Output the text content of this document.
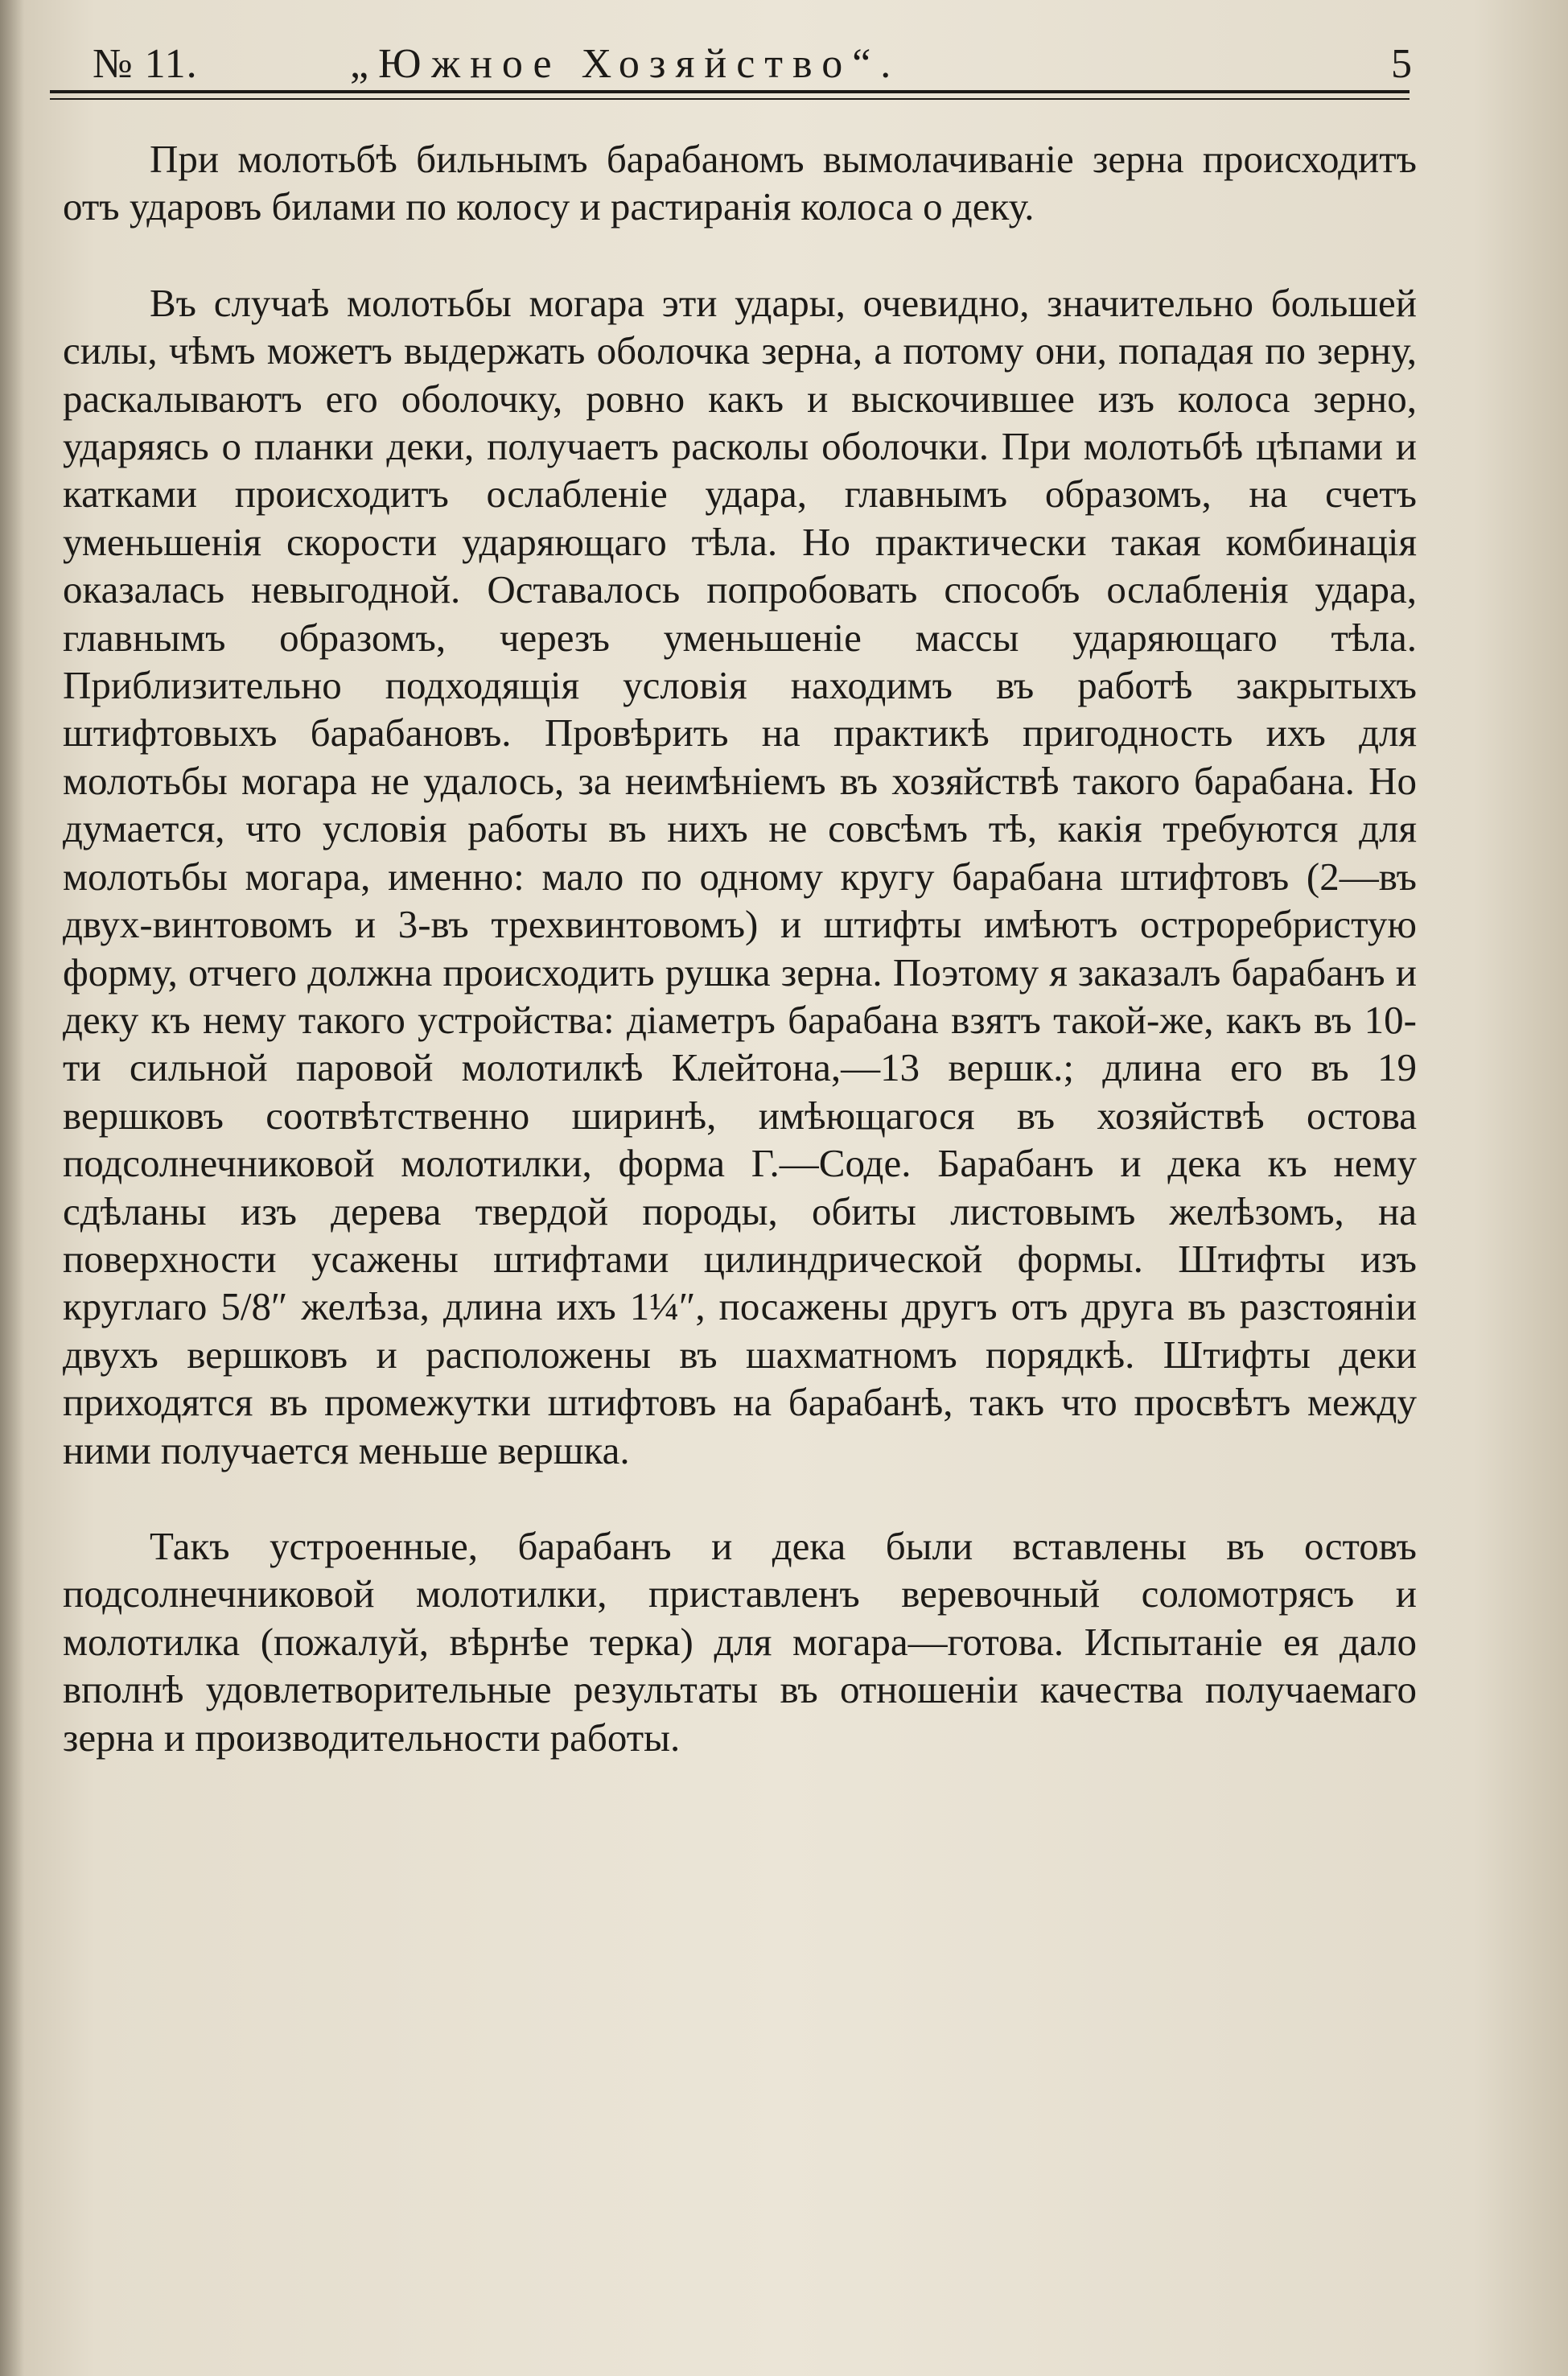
№ 11.	„Южное Хозяйство“.	5

При молотьбѣ бильнымъ барабаномъ вымолачиваніе зерна происходитъ отъ ударовъ билами по колосу и растиранія колоса о деку.

Въ случаѣ молотьбы могара эти удары, очевидно, значительно большей силы, чѣмъ можетъ выдержать оболочка зерна, а потому они, попадая по зерну, раскалываютъ его оболочку, ровно какъ и выскочившее изъ колоса зерно, ударяясь о планки деки, получаетъ расколы оболочки. При молотьбѣ цѣпами и катками происходитъ ослабленіе удара, главнымъ образомъ, на счетъ уменьшенія скорости ударяющаго тѣла. Но практически такая комбинація оказалась невыгодной. Оставалось попробовать способъ ослабленія удара, главнымъ образомъ, черезъ уменьшеніе массы ударяющаго тѣла. Приблизительно подходящія условія находимъ въ работѣ закрытыхъ штифтовыхъ барабановъ. Провѣрить на практикѣ пригодность ихъ для молотьбы могара не удалось, за неимѣніемъ въ хозяйствѣ такого барабана. Но думается, что условія работы въ нихъ не совсѣмъ тѣ, какія требуются для молотьбы могара, именно: мало по одному кругу барабана штифтовъ (2—въ двух-винтовомъ и 3-въ трехвинтовомъ) и штифты имѣютъ остроребристую форму, отчего должна происходить рушка зерна. Поэтому я заказалъ барабанъ и деку къ нему такого устройства: діаметръ барабана взятъ такой-же, какъ въ 10-ти сильной паровой молотилкѣ Клейтона,—13 вершк.; длина его въ 19 вершковъ соотвѣтственно ширинѣ, имѣющагося въ хозяйствѣ остова подсолнечниковой молотилки, форма Г.—Соде. Барабанъ и дека къ нему сдѣланы изъ дерева твердой породы, обиты листовымъ желѣзомъ, на поверхности усажены штифтами цилиндрической формы. Штифты изъ круглаго 5/8″ желѣза, длина ихъ 1¼″, посажены другъ отъ друга въ разстояніи двухъ вершковъ и расположены въ шахматномъ порядкѣ. Штифты деки приходятся въ промежутки штифтовъ на барабанѣ, такъ что просвѣтъ между ними получается меньше вершка.

Такъ устроенные, барабанъ и дека были вставлены въ остовъ подсолнечниковой молотилки, приставленъ веревочный соломотрясъ и молотилка (пожалуй, вѣрнѣе терка) для могара—готова. Испытаніе ея дало вполнѣ удовлетворительные результаты въ отношеніи качества получаемаго зерна и производительности работы.
